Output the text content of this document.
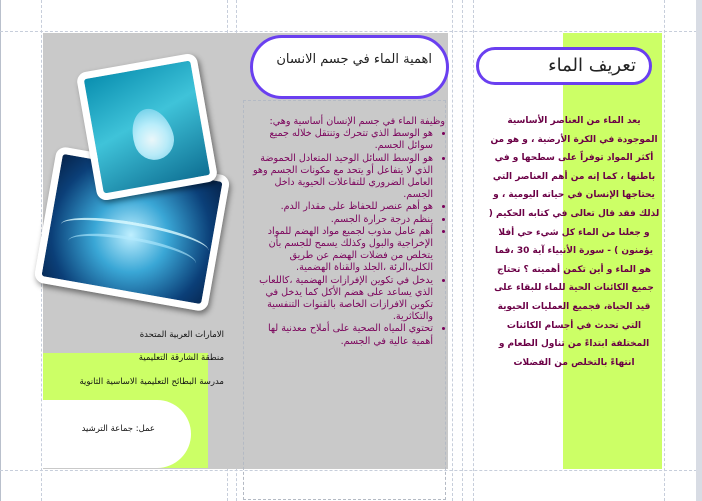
الامارات العربية المتحدة
منطقة الشارقة التعليمية
مدرسة البطائح التعليمية الاساسية الثانوية
عمل: جماعة الترشيد
اهمية الماء في جسم الانسان
وظيفة الماء في جسم الإنسان أساسية وهي:
• هو الوسط الذي تتحرك وتنتقل خلاله جميع سوائل الجسم.
• هو الوسط السائل الوحيد المتعادل الحموضة الذي لا يتفاعل أو يتحد مع مكونات الجسم وهو العامل الضروري للتفاعلات الحيوية داخل الجسم.
• هو أهم عنصر للحفاظ على مقدار الدم.
• ينظم درجة حرارة الجسم.
• أهم عامل مذوب لجميع مواد الهضم للمواد الإخراجية والبول وكذلك يسمح للجسم بأن يتخلص من فضلات الهضم عن طريق الكلى،الرئة ،الجلد والقناة الهضمية.
• يدخل في تكوين الإفرازات الهضمية ،كاللعاب الذي يساعد على هضم الأكل كما يدخل في تكوين الافرازات الخاصة بالقنوات التنفسية والتكاثرية.
• تحتوي المياه الصحية على أملاح معدنية لها أهمية عالية في الجسم.
تعريف الماء
يعد الماء من العناصر الأساسية الموجودة في الكرة الأرضية ، و هو من أكثر المواد توفراً على سطحها و في باطنها ، كما إنه من أهم العناصر التي يحتاجها الإنسان في حياته اليومية ، و لذلك فقد قال تعالى في كتابه الحكيم ( و جعلنا من الماء كل شيء حي أفلا يؤمنون ) - سورة الأنبياء آية 30 ،فما هو الماء و أين تكمن أهميته ؟ تحتاج جميع الكائنات الحية للماء للبقاء على قيد الحياة، فجميع العمليات الحيوية التي تحدث في أجسام الكائنات المختلفة ابتداءً من تناول الطعام و انتهاءً بالتخلص من الفضلات
